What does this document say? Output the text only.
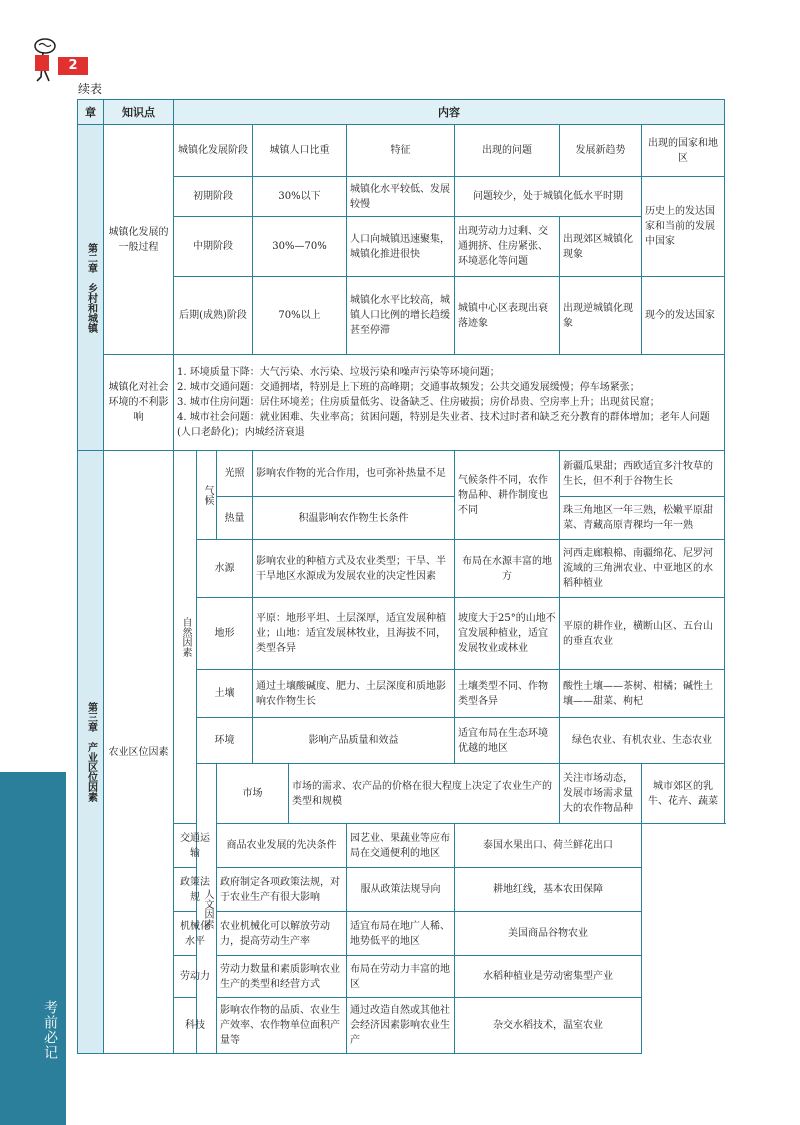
考前必记
2
续表
章	知识点	内容								

第二章　乡村和城镇	城镇化发展的一般过程	城镇化发展阶段			城镇人口比重		特征	出现的问题	发展新趋势	出现的国家和地区
		初期阶段			30%以下		城镇化水平较低、发展较慢	问题较少，处于城镇化低水平时期		历史上的发达国家和当前的发展中国家
		中期阶段			30%—70%		人口向城镇迅速聚集，城镇化推进很快	出现劳动力过剩、交通拥挤、住房紧张、环境恶化等问题	出现郊区城镇化现象	
		后期(成熟)阶段			70%以上		城镇化水平比较高，城镇人口比例的增长趋缓甚至停滞	城镇中心区表现出衰落迹象	出现逆城镇化现象	现今的发达国家
	城镇化对社会环境的不利影响	1. 环境质量下降：大气污染、水污染、垃圾污染和噪声污染等环境问题；
2. 城市交通问题：交通拥堵，特别是上下班的高峰期；交通事故频发；公共交通发展缓慢；停车场紧张；
3. 城市住房问题：居住环境差；住房质量低劣、设备缺乏、住房破损；房价昂贵、空房率上升；出现贫民窟；
4. 城市社会问题：就业困难、失业率高；贫困问题，特别是失业者、技术过时者和缺乏充分教育的群体增加；老年人问题(人口老龄化)；内城经济衰退								

第三章　产业区位因素	农业区位因素	自然因素	气候	光照	影响农作物的光合作用，也可弥补热量不足			气候条件不同，农作物品种、耕作制度也不同	新疆瓜果甜；西欧适宜多汁牧草的生长，但不利于谷物生长	
				热量	积温影响农作物生长条件				珠三角地区一年三熟，松嫩平原甜菜、青藏高原青稞均一年一熟	
			水源		影响农业的种植方式及农业类型；干旱、半干旱地区水源成为发展农业的决定性因素			布局在水源丰富的地方	河西走廊粮棉、南疆绵花、尼罗河流域的三角洲农业、中亚地区的水稻种植业	
			地形		平原：地形平坦、土层深厚，适宜发展种植业；山地：适宜发展林牧业，且海拔不同，类型各异			坡度大于25°的山地不宜发展种植业，适宜发展牧业或林业	平原的耕作业，横断山区、五台山的垂直农业	
			土壤		通过土壤酸碱度、肥力、土层深度和质地影响农作物生长			土壤类型不同、作物类型各异	酸性土壤——茶树、柑橘；碱性土壤——甜菜、枸杞	
			环境		影响产品质量和效益			适宜布局在生态环境优越的地区	绿色农业、有机农业、生态农业	

			人文因素	市场		市场的需求、农产品的价格在很大程度上决定了农业生产的类型和规模			关注市场动态，发展市场需求量大的农作物品种	城市郊区的乳牛、花卉、蔬菜
		交通运输		商品农业发展的先决条件			园艺业、果蔬业等应布局在交通便利的地区	泰国水果出口、荷兰鲜花出口		
		政策法规		政府制定各项政策法规，对于农业生产有很大影响			服从政策法规导向	耕地红线，基本农田保障		
		机械化水平		农业机械化可以解放劳动力，提高劳动生产率			适宜布局在地广人稀、地势低平的地区	美国商品谷物农业		
		劳动力		劳动力数量和素质影响农业生产的类型和经营方式			布局在劳动力丰富的地区	水稻种植业是劳动密集型产业		
		科技		影响农作物的品质、农业生产效率、农作物单位面积产量等			通过改造自然或其他社会经济因素影响农业生产	杂交水稻技术，温室农业		
